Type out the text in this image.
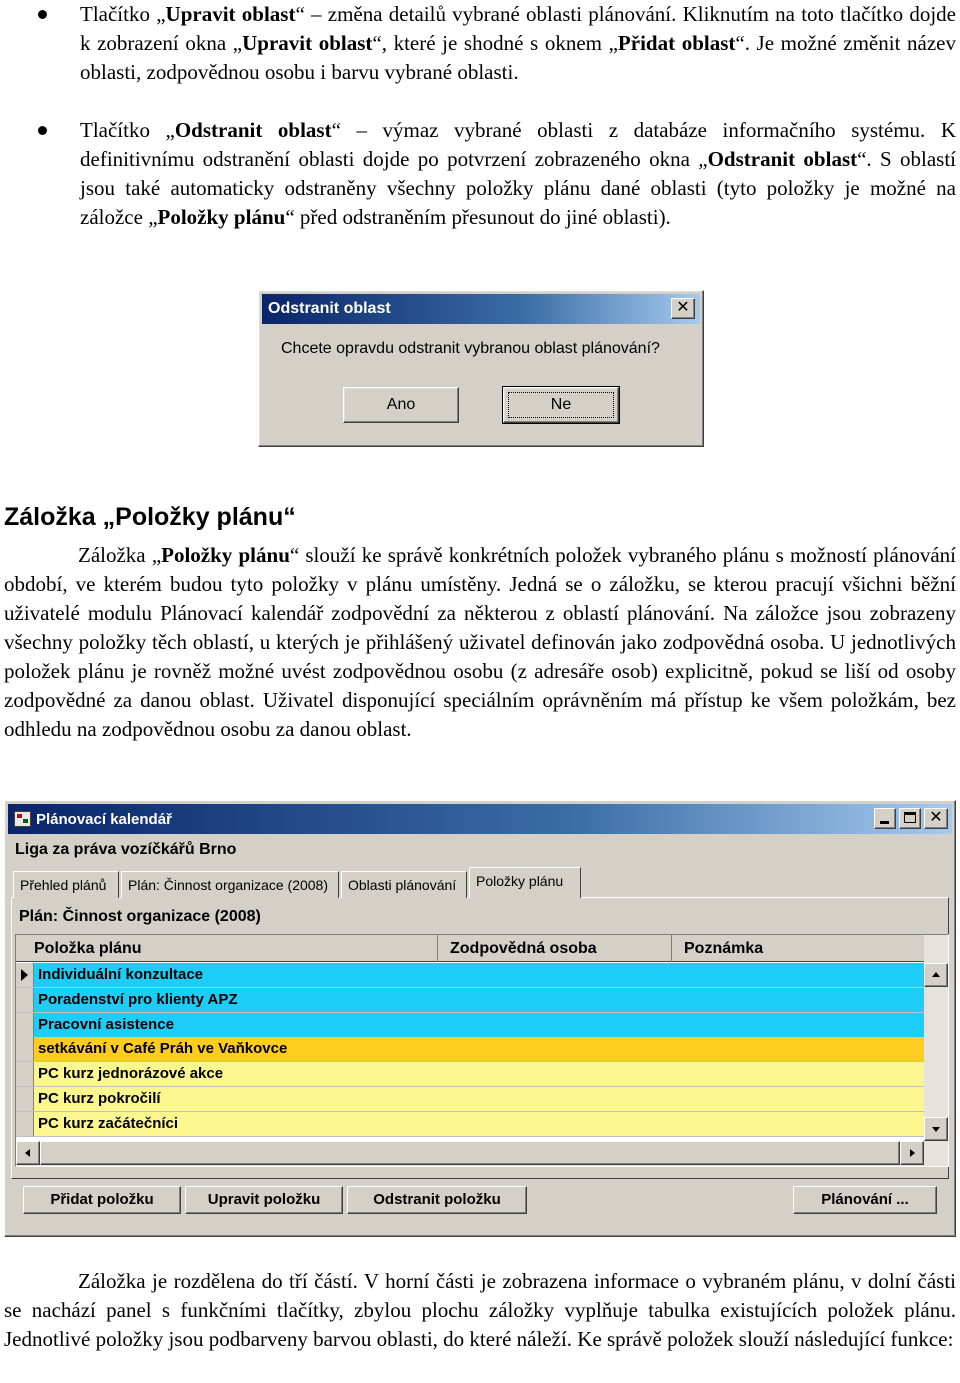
Tlačítko „Upravit oblast“ – změna detailů vybrané oblasti plánování. Kliknutím na toto tlačítko dojde k zobrazení okna „Upravit oblast“, které je shodné s oknem „Přidat oblast“. Je možné změnit název oblasti, zodpovědnou osobu i barvu vybrané oblasti.

Tlačítko „Odstranit oblast“ – výmaz vybrané oblasti z databáze informačního systému. K definitivnímu odstranění oblasti dojde po potvrzení zobrazeného okna „Odstranit oblast“. S oblastí jsou také automaticky odstraněny všechny položky plánu dané oblasti (tyto položky je možné na záložce „Položky plánu“ před odstraněním přesunout do jiné oblasti).

Odstranit oblast	✕
Chcete opravdu odstranit vybranou oblast plánování?
Ano	Ne
Záložka „Položky plánu“

Záložka „Položky plánu“ slouží ke správě konkrétních položek vybraného plánu s možností plánování období, ve kterém budou tyto položky v plánu umístěny. Jedná se o záložku, se kterou pracují všichni běžní uživatelé modulu Plánovací kalendář zodpovědní za některou z oblastí plánování. Na záložce jsou zobrazeny všechny položky těch oblastí, u kterých je přihlášený uživatel definován jako zodpovědná osoba. U jednotlivých položek plánu je rovněž možné uvést zodpovědnou osobu (z adresáře osob) explicitně, pokud se liší od osoby zodpovědné za danou oblast. Uživatel disponující speciálním oprávněním má přístup ke všem položkám, bez odhledu na zodpovědnou osobu za danou oblast.

Plánovací kalendář	✕
Liga za práva vozíčkářů Brno
Přehled plánů	Plán: Činnost organizace (2008)	Oblasti plánování	Položky plánu
Plán: Činnost organizace (2008)
Položka plánu	Zodpovědná osoba	Poznámka
Individuální konzultace
Poradenství pro klienty APZ
Pracovní asistence
setkávání v Café Práh ve Vaňkovce
PC kurz jednorázové akce
PC kurz pokročilí
PC kurz začátečníci
Přidat položku	Upravit položku	Odstranit položku	Plánování ...

Záložka je rozdělena do tří částí. V horní části je zobrazena informace o vybraném plánu, v dolní části se nachází panel s funkčními tlačítky, zbylou plochu záložky vyplňuje tabulka existujících položek plánu. Jednotlivé položky jsou podbarveny barvou oblasti, do které náleží. Ke správě položek slouží následující funkce:
